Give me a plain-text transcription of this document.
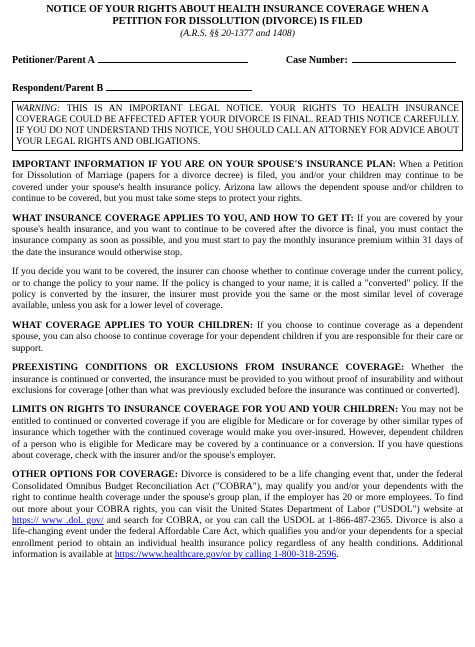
NOTICE OF YOUR RIGHTS ABOUT HEALTH INSURANCE COVERAGE WHEN A
PETITION FOR DISSOLUTION (DIVORCE) IS FILED
(A.R.S. §§ 20-1377 and 1408)
Petitioner/Parent A	Case Number:
Respondent/Parent B
WARNING: THIS IS AN IMPORTANT LEGAL NOTICE. YOUR RIGHTS TO HEALTH INSURANCE COVERAGE COULD BE AFFECTED AFTER YOUR DIVORCE IS FINAL. READ THIS NOTICE CAREFULLY. IF YOU DO NOT UNDERSTAND THIS NOTICE, YOU SHOULD CALL AN ATTORNEY FOR ADVICE ABOUT YOUR LEGAL RIGHTS AND OBLIGATIONS.
IMPORTANT INFORMATION IF YOU ARE ON YOUR SPOUSE'S INSURANCE PLAN: When a Petition for Dissolution of Marriage (papers for a divorce decree) is filed, you and/or your children may continue to be covered under your spouse's health insurance policy. Arizona law allows the dependent spouse and/or children to continue to be covered, but you must take some steps to protect your rights.
WHAT INSURANCE COVERAGE APPLIES TO YOU, AND HOW TO GET IT: If you are covered by your spouse's health insurance, and you want to continue to be covered after the divorce is final, you must contact the insurance company as soon as possible, and you must start to pay the monthly insurance premium within 31 days of the date the insurance would otherwise stop.
If you decide you want to be covered, the insurer can choose whether to continue coverage under the current policy, or to change the policy to your name. If the policy is changed to your name, it is called a "converted" policy. If the policy is converted by the insurer, the insurer must provide you the same or the most similar level of coverage available, unless you ask for a lower level of coverage.
WHAT COVERAGE APPLIES TO YOUR CHILDREN: If you choose to continue coverage as a dependent spouse, you can also choose to continue coverage for your dependent children if you are responsible for their care or support.
PREEXISTING CONDITIONS OR EXCLUSIONS FROM INSURANCE COVERAGE: Whether the insurance is continued or converted, the insurance must be provided to you without proof of insurability and without exclusions for coverage [other than what was previously excluded before the insurance was continued or converted].
LIMITS ON RIGHTS TO INSURANCE COVERAGE FOR YOU AND YOUR CHILDREN: You may not be entitled to continued or converted coverage if you are eligible for Medicare or for coverage by other similar types of insurance which together with the continued coverage would make you over-insured. However, dependent children of a person who is eligible for Medicare may be covered by a continuance or a conversion. If you have questions about coverage, check with the insurer and/or the spouse's employer.
OTHER OPTIONS FOR COVERAGE: Divorce is considered to be a life changing event that, under the federal Consolidated Omnibus Budget Reconciliation Act ("COBRA"), may qualify you and/or your dependents with the right to continue health coverage under the spouse's group plan, if the employer has 20 or more employees. To find out more about your COBRA rights, you can visit the United States Department of Labor ("USDOL") website at https:// www .dol. gov/ and search for COBRA, or you can call the USDOL at 1-866-487-2365. Divorce is also a life-changing event under the federal Affordable Care Act, which qualifies you and/or your dependents for a special enrollment period to obtain an individual health insurance policy regardless of any health conditions. Additional information is available at https://www.healthcare.gov/or by calling 1-800-318-2596.
